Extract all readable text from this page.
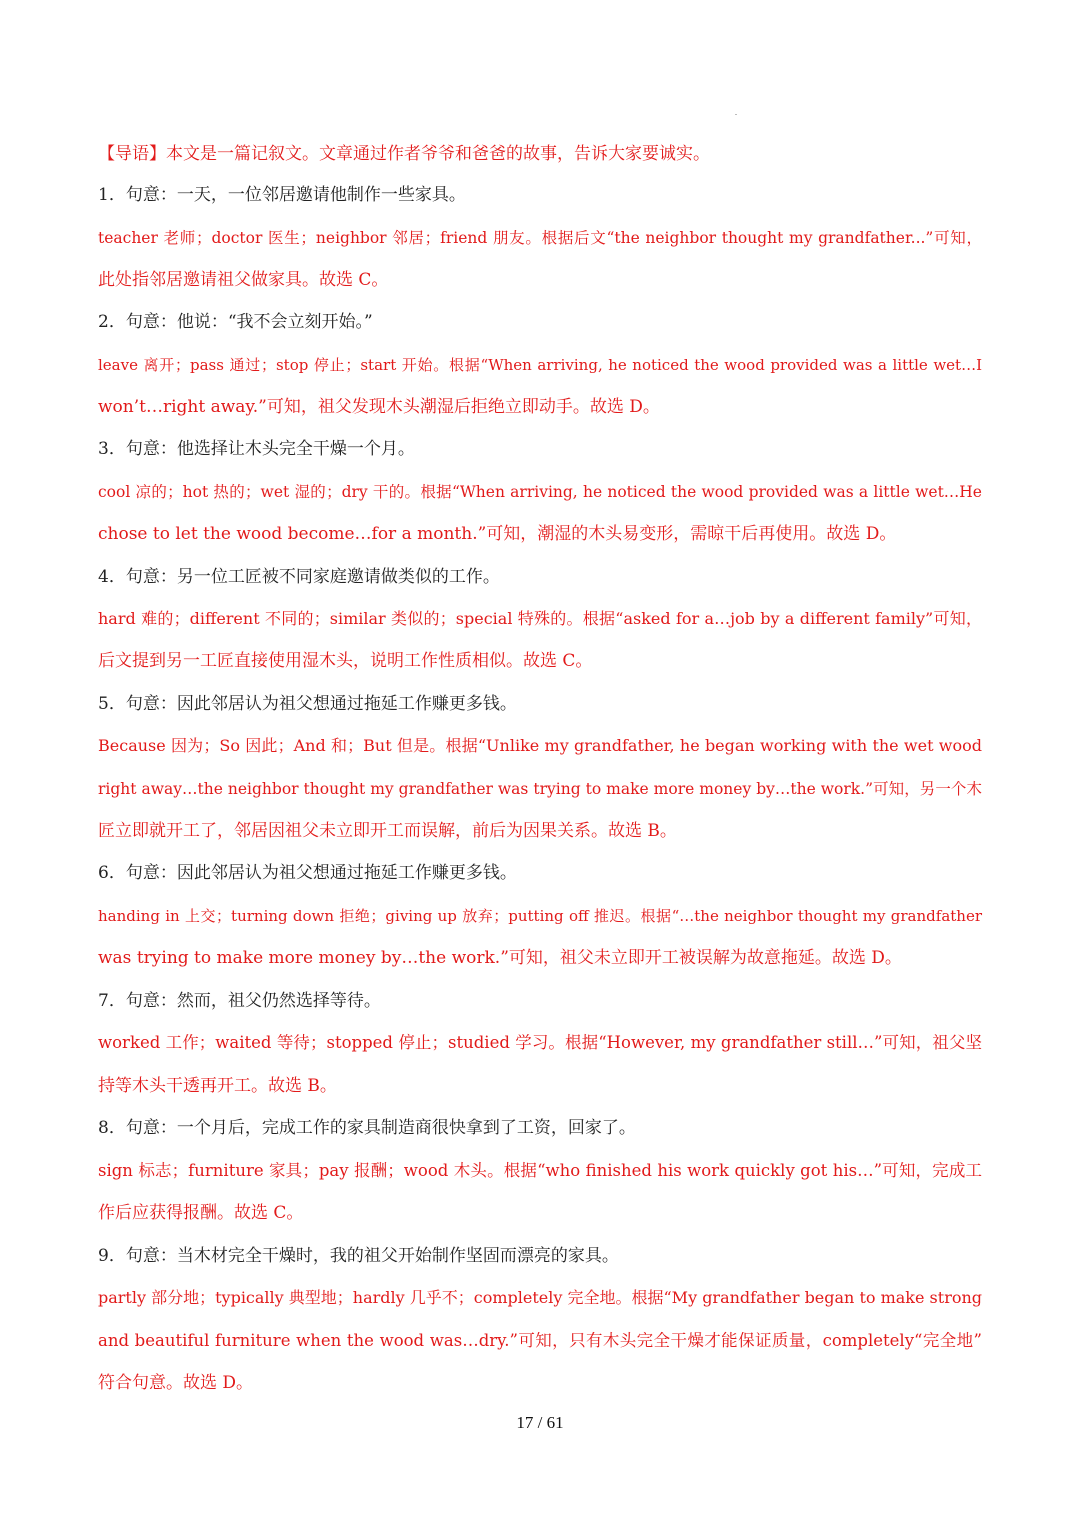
【导语】本文是一篇记叙文。文章通过作者爷爷和爸爸的故事，告诉大家要诚实。
1．句意：一天，一位邻居邀请他制作一些家具。
teacher 老师；doctor 医生；neighbor 邻居；friend 朋友。根据后文“the neighbor thought my grandfather...”可知，
此处指邻居邀请祖父做家具。故选 C。
2．句意：他说：“我不会立刻开始。”
leave 离开；pass 通过；stop 停止；start 开始。根据“When arriving, he noticed the wood provided was a little wet…I
won’t…right away.”可知，祖父发现木头潮湿后拒绝立即动手。故选 D。
3．句意：他选择让木头完全干燥一个月。
cool 凉的；hot 热的；wet 湿的；dry 干的。根据“When arriving, he noticed the wood provided was a little wet…He
chose to let the wood become…for a month.”可知，潮湿的木头易变形，需晾干后再使用。故选 D。
4．句意：另一位工匠被不同家庭邀请做类似的工作。
hard 难的；different 不同的；similar 类似的；special 特殊的。根据“asked for a…job by a different family”可知，
后文提到另一工匠直接使用湿木头，说明工作性质相似。故选 C。
5．句意：因此邻居认为祖父想通过拖延工作赚更多钱。
Because 因为；So 因此；And 和；But 但是。根据“Unlike my grandfather, he began working with the wet wood
right away…the neighbor thought my grandfather was trying to make more money by…the work.”可知，另一个木
匠立即就开工了，邻居因祖父未立即开工而误解，前后为因果关系。故选 B。
6．句意：因此邻居认为祖父想通过拖延工作赚更多钱。
handing in 上交；turning down 拒绝；giving up 放弃；putting off 推迟。根据“…the neighbor thought my grandfather
was trying to make more money by…the work.”可知，祖父未立即开工被误解为故意拖延。故选 D。
7．句意：然而，祖父仍然选择等待。
worked 工作；waited 等待；stopped 停止；studied 学习。根据“However, my grandfather still…”可知，祖父坚
持等木头干透再开工。故选 B。
8．句意：一个月后，完成工作的家具制造商很快拿到了工资，回家了。
sign 标志；furniture 家具；pay 报酬；wood 木头。根据“who finished his work quickly got his…”可知，完成工
作后应获得报酬。故选 C。
9．句意：当木材完全干燥时，我的祖父开始制作坚固而漂亮的家具。
partly 部分地；typically 典型地；hardly 几乎不；completely 完全地。根据“My grandfather began to make strong
and beautiful furniture when the wood was…dry.”可知，只有木头完全干燥才能保证质量，completely“完全地”
符合句意。故选 D。
17 / 61
